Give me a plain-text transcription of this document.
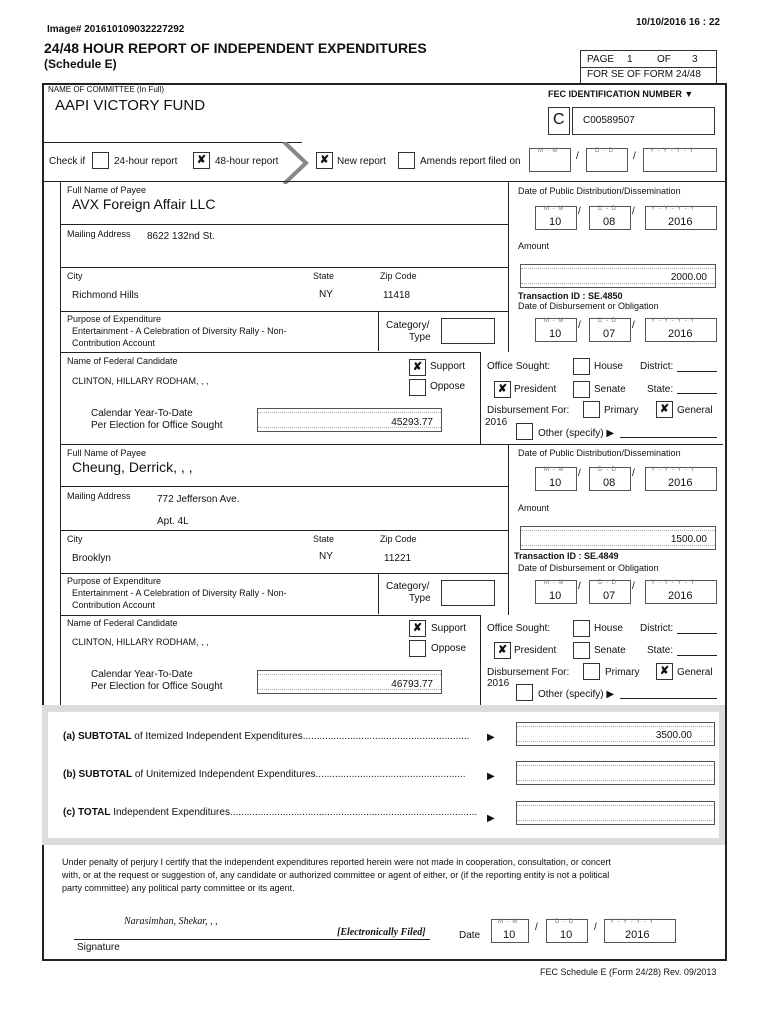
Image# 201610109032227292
10/10/2016 16 : 22
24/48 HOUR REPORT OF INDEPENDENT EXPENDITURES
(Schedule E)	PAGE 1 OF 3
FOR SE OF FORM 24/48
NAME OF COMMITTEE (In Full)
AAPI VICTORY FUND
FEC IDENTIFICATION NUMBER ▼
C C00589507
Check if	24-hour report	✘ 48-hour report	✘ New report	Amends report filed on
M - M /	D - D / Y - Y - Y - Y
Full Name of Payee
AVX Foreign Affair LLC
Mailing Address 8622 132nd St.
City	State	Zip Code
Richmond Hills	NY	11418
Purpose of Expenditure
Entertainment - A Celebration of Diversity Rally - Non-
Contribution Account
Category/
Type
Name of Federal Candidate
CLINTON, HILLARY RODHAM, , ,
✘ Support
Oppose
Office Sought:	House District:
✘ President	Senate State:
Calendar Year-To-Date
Per Election for Office Sought	45293.77
Disbursement For:
2016
Primary	✘ General
Other (specify) ▶
Date of Public Distribution/Dissemination
M - M
10
/	D - D
08
/	Y - Y - Y - Y
2016
Amount
2000.00
Transaction ID : SE.4850
Date of Disbursement or Obligation
M - M
10
/	D - D
07
/	Y - Y - Y - Y
2016
Full Name of Payee
Cheung, Derrick, , ,
Mailing Address	772 Jefferson Ave.
Apt. 4L
City	State	Zip Code
Brooklyn	NY	11221
Purpose of Expenditure
Entertainment - A Celebration of Diversity Rally - Non-
Contribution Account
Category/
Type
Name of Federal Candidate
CLINTON, HILLARY RODHAM, , ,
✘ Support
Oppose
Office Sought:	House District:
✘ President	Senate State:
Calendar Year-To-Date
Per Election for Office Sought	46793.77
Disbursement For:
2016
Primary	✘ General
Other (specify) ▶
Date of Public Distribution/Dissemination
M - M
10
/	D - D
08
/	Y - Y - Y - Y
2016
Amount
1500.00
Transaction ID : SE.4849
Date of Disbursement or Obligation
M - M
10
/	D - D
07
/	Y - Y - Y - Y
2016
(a) SUBTOTAL of Itemized Independent Expenditures............................................................ ▶	3500.00
(b) SUBTOTAL of Unitemized Independent Expenditures...................................................... ▶
(c) TOTAL Independent Expenditures.........................................................................................
▶
Under penalty of perjury I certify that the independent expenditures reported herein were not made in cooperation, consultation, or concert
with, or at the request or suggestion of, any candidate or authorized committee or agent of either, or (if the reporting entity is not a political
party committee) any political party committee or its agent.
Narasimhan, Shekar, , ,
[Electronically Filed]
Signature
Date
M - M
10
/	D - D
10
/ Y - Y - Y - Y
2016
FEC Schedule E (Form 24/28) Rev. 09/2013
